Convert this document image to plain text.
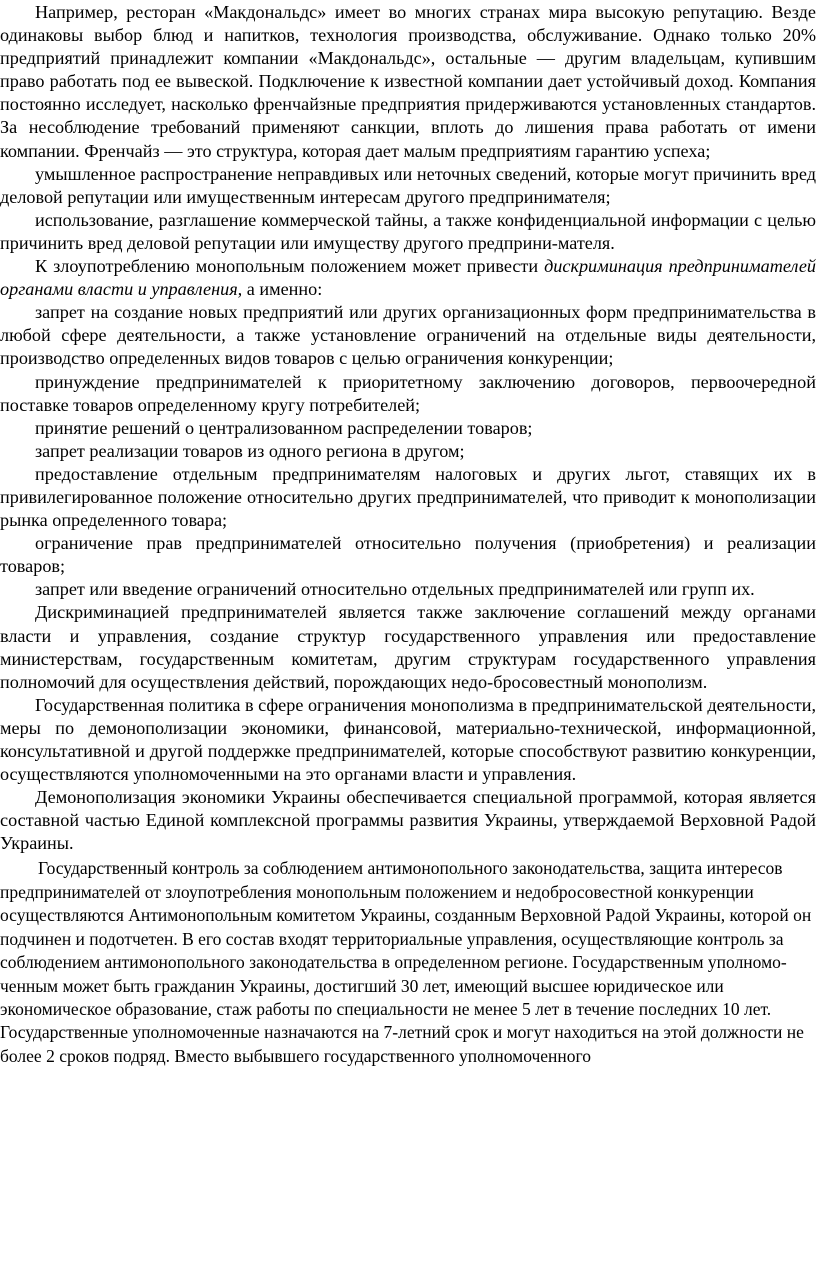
Например, ресторан «Макдональдс» имеет во многих странах мира высокую репутацию. Везде одинаковы выбор блюд и напитков, технология производства, обслуживание. Однако только 20% предприятий принадлежит компании «Макдональдс», остальные — другим владельцам, купившим право работать под ее вывеской. Подключение к известной компании дает устойчивый доход. Компания постоянно исследует, насколько френчайзные предприятия придерживаются установленных стандартов. За несоблюдение требований применяют санкции, вплоть до лишения права работать от имени компании. Френчайз — это структура, которая дает малым предприятиям гарантию успеха;

умышленное распространение неправдивых или неточных сведений, которые могут причинить вред деловой репутации или имущественным интересам другого предпринимателя;

использование, разглашение коммерческой тайны, а также конфиденциальной информации с целью причинить вред деловой репутации или имуществу другого предприни-мателя.

К злоупотреблению монопольным положением может привести дискриминация предпринимателей органами власти и управления, а именно:

запрет на создание новых предприятий или других организационных форм предпринимательства в любой сфере деятельности, а также установление ограничений на отдельные виды деятельности, производство определенных видов товаров с целью ограничения конкуренции;

принуждение предпринимателей к приоритетному заключению договоров, первоочередной поставке товаров определенному кругу потребителей;

принятие решений о централизованном распределении товаров;

запрет реализации товаров из одного региона в другом;

предоставление отдельным предпринимателям налоговых и других льгот, ставящих их в привилегированное положение относительно других предпринимателей, что приводит к монополизации рынка определенного товара;

ограничение прав предпринимателей относительно получения (приобретения) и реализации товаров;

запрет или введение ограничений относительно отдельных предпринимателей или групп их.

Дискриминацией предпринимателей является также заключение соглашений между органами власти и управления, создание структур государственного управления или предоставление министерствам, государственным комитетам, другим структурам государственного управления полномочий для осуществления действий, порождающих недо-бросовестный монополизм.

Государственная политика в сфере ограничения монополизма в предпринимательской деятельности, меры по демонополизации экономики, финансовой, материально-технической, информационной, консультативной и другой поддержке предпринимателей, которые способствуют развитию конкуренции, осуществляются уполномоченными на это органами власти и управления.

Демонополизация экономики Украины обеспечивается специальной программой, которая является составной частью Единой комплексной программы развития Украины, утверждаемой Верховной Радой Украины.

Государственный контроль за соблюдением антимонопольного законодательства, защита интересов предпринимателей от злоупотребления монопольным положением и недобросовестной конкуренции осуществляются Антимонопольным комитетом Украины, созданным Верховной Радой Украины, которой он подчинен и подотчетен. В его состав входят территориальные управления, осуществляющие контроль за соблюдением антимонопольного законодательства в определенном регионе. Государственным уполномо-ченным может быть гражданин Украины, достигший 30 лет, имеющий высшее юридическое или экономическое образование, стаж работы по специальности не менее 5 лет в течение последних 10 лет. Государственные уполномоченные назначаются на 7-летний срок и могут находиться на этой должности не более 2 сроков подряд. Вместо выбывшего государственного уполномоченного
